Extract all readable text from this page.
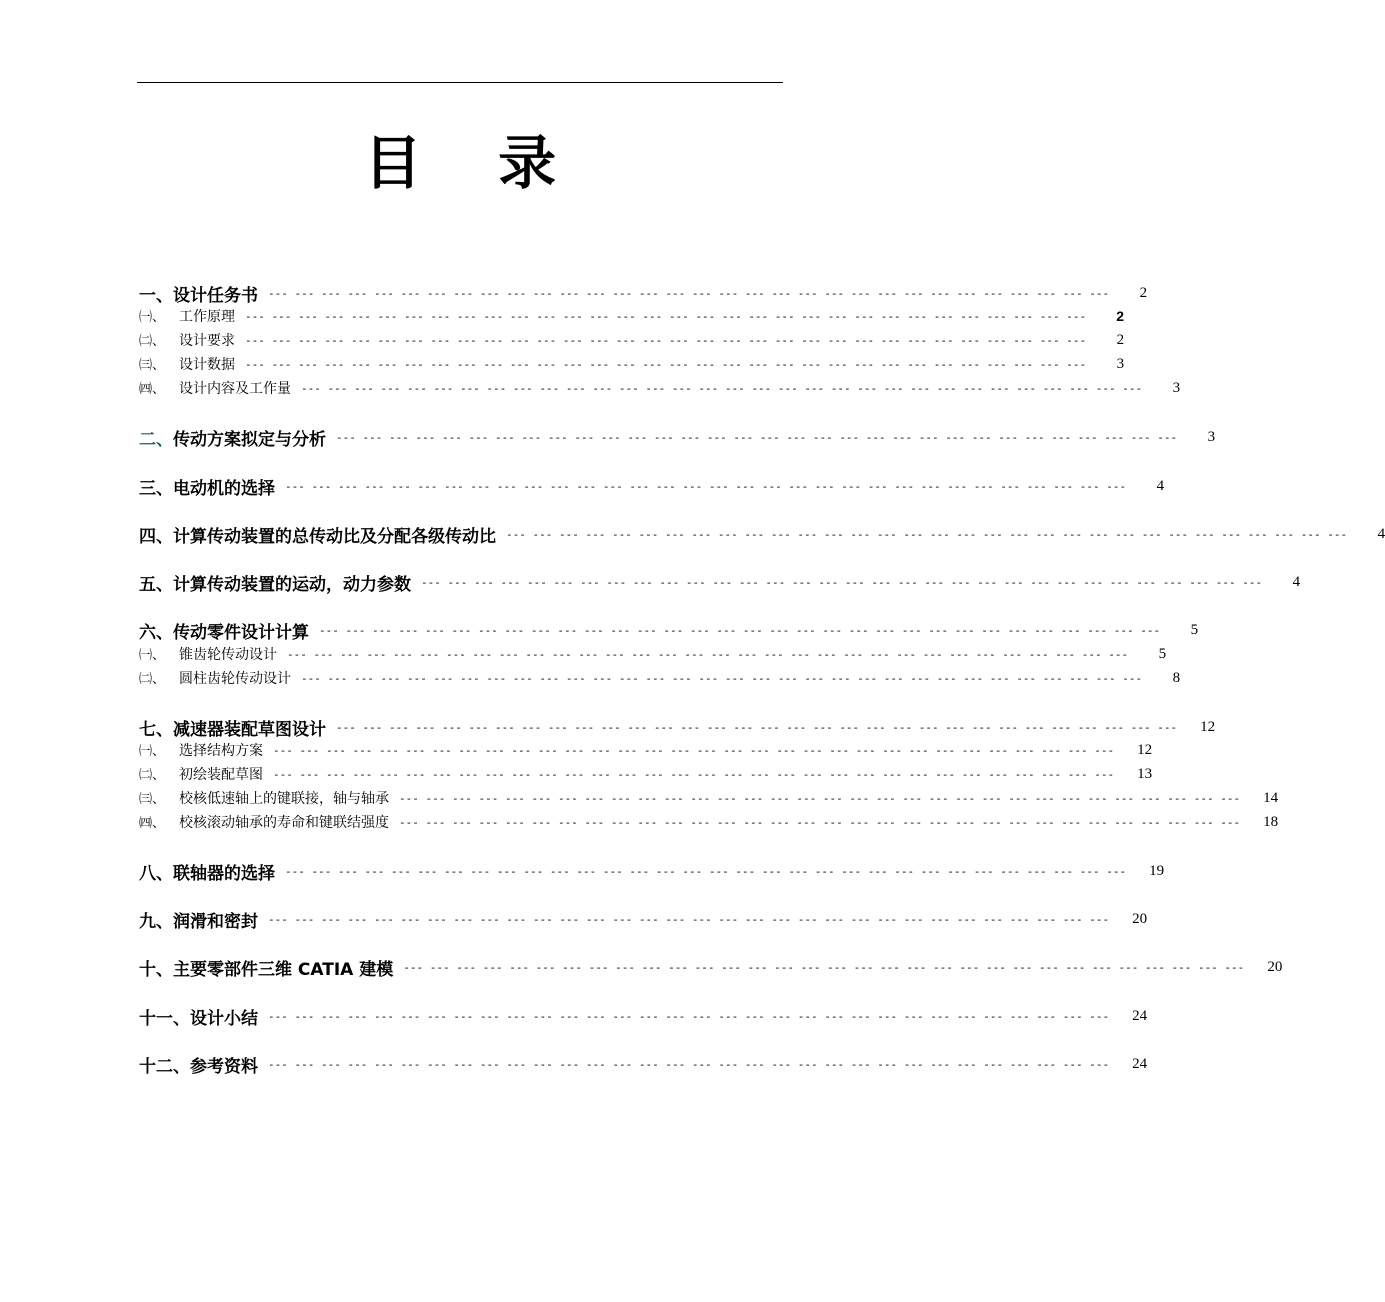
目 录
一、设计任务书 --- --- --- --- --- --- --- --- --- --- --- --- --- --- --- --- --- --- --- --- --- --- --- --- --- --- --- --- --- --- --- ---	2
㈠、 工作原理 --- --- --- --- --- --- --- --- --- --- --- --- --- --- --- --- --- --- --- --- --- --- --- --- --- --- --- --- --- --- --- ---	2
㈡、 设计要求 --- --- --- --- --- --- --- --- --- --- --- --- --- --- --- --- --- --- --- --- --- --- --- --- --- --- --- --- --- --- --- ---	2
㈢、 设计数据 --- --- --- --- --- --- --- --- --- --- --- --- --- --- --- --- --- --- --- --- --- --- --- --- --- --- --- --- --- --- --- ---	3
㈣、 设计内容及工作量 --- --- --- --- --- --- --- --- --- --- --- --- --- --- --- --- --- --- --- --- --- --- --- --- --- --- --- --- --- --- --- ---	3
二、传动方案拟定与分析 --- --- --- --- --- --- --- --- --- --- --- --- --- --- --- --- --- --- --- --- --- --- --- --- --- --- --- --- --- --- --- ---	3
三、电动机的选择 --- --- --- --- --- --- --- --- --- --- --- --- --- --- --- --- --- --- --- --- --- --- --- --- --- --- --- --- --- --- --- ---	4
四、计算传动装置的总传动比及分配各级传动比 --- --- --- --- --- --- --- --- --- --- --- --- --- --- --- --- --- --- --- --- --- --- --- --- --- --- --- --- --- --- --- ---	4
五、计算传动装置的运动，动力参数 --- --- --- --- --- --- --- --- --- --- --- --- --- --- --- --- --- --- --- --- --- --- --- --- --- --- --- --- --- --- --- ---	4
六、传动零件设计计算 --- --- --- --- --- --- --- --- --- --- --- --- --- --- --- --- --- --- --- --- --- --- --- --- --- --- --- --- --- --- --- ---	5
㈠、 锥齿轮传动设计 --- --- --- --- --- --- --- --- --- --- --- --- --- --- --- --- --- --- --- --- --- --- --- --- --- --- --- --- --- --- --- ---	5
㈡、 圆柱齿轮传动设计 --- --- --- --- --- --- --- --- --- --- --- --- --- --- --- --- --- --- --- --- --- --- --- --- --- --- --- --- --- --- --- ---	8
七、减速器装配草图设计 --- --- --- --- --- --- --- --- --- --- --- --- --- --- --- --- --- --- --- --- --- --- --- --- --- --- --- --- --- --- --- ---	12
㈠、 选择结构方案 --- --- --- --- --- --- --- --- --- --- --- --- --- --- --- --- --- --- --- --- --- --- --- --- --- --- --- --- --- --- --- ---	12
㈡、 初绘装配草图 --- --- --- --- --- --- --- --- --- --- --- --- --- --- --- --- --- --- --- --- --- --- --- --- --- --- --- --- --- --- --- ---	13
㈢、 校核低速轴上的键联接，轴与轴承 --- --- --- --- --- --- --- --- --- --- --- --- --- --- --- --- --- --- --- --- --- --- --- --- --- --- --- --- --- --- --- ---	14
㈣、 校核滚动轴承的寿命和键联结强度 --- --- --- --- --- --- --- --- --- --- --- --- --- --- --- --- --- --- --- --- --- --- --- --- --- --- --- --- --- --- --- ---	18
八、联轴器的选择 --- --- --- --- --- --- --- --- --- --- --- --- --- --- --- --- --- --- --- --- --- --- --- --- --- --- --- --- --- --- --- ---	19
九、润滑和密封 --- --- --- --- --- --- --- --- --- --- --- --- --- --- --- --- --- --- --- --- --- --- --- --- --- --- --- --- --- --- --- ---	20
十、主要零部件三维 CATIA 建模 --- --- --- --- --- --- --- --- --- --- --- --- --- --- --- --- --- --- --- --- --- --- --- --- --- --- --- --- --- --- --- ---	20
十一、设计小结 --- --- --- --- --- --- --- --- --- --- --- --- --- --- --- --- --- --- --- --- --- --- --- --- --- --- --- --- --- --- --- ---	24
十二、参考资料 --- --- --- --- --- --- --- --- --- --- --- --- --- --- --- --- --- --- --- --- --- --- --- --- --- --- --- --- --- --- --- ---	24
